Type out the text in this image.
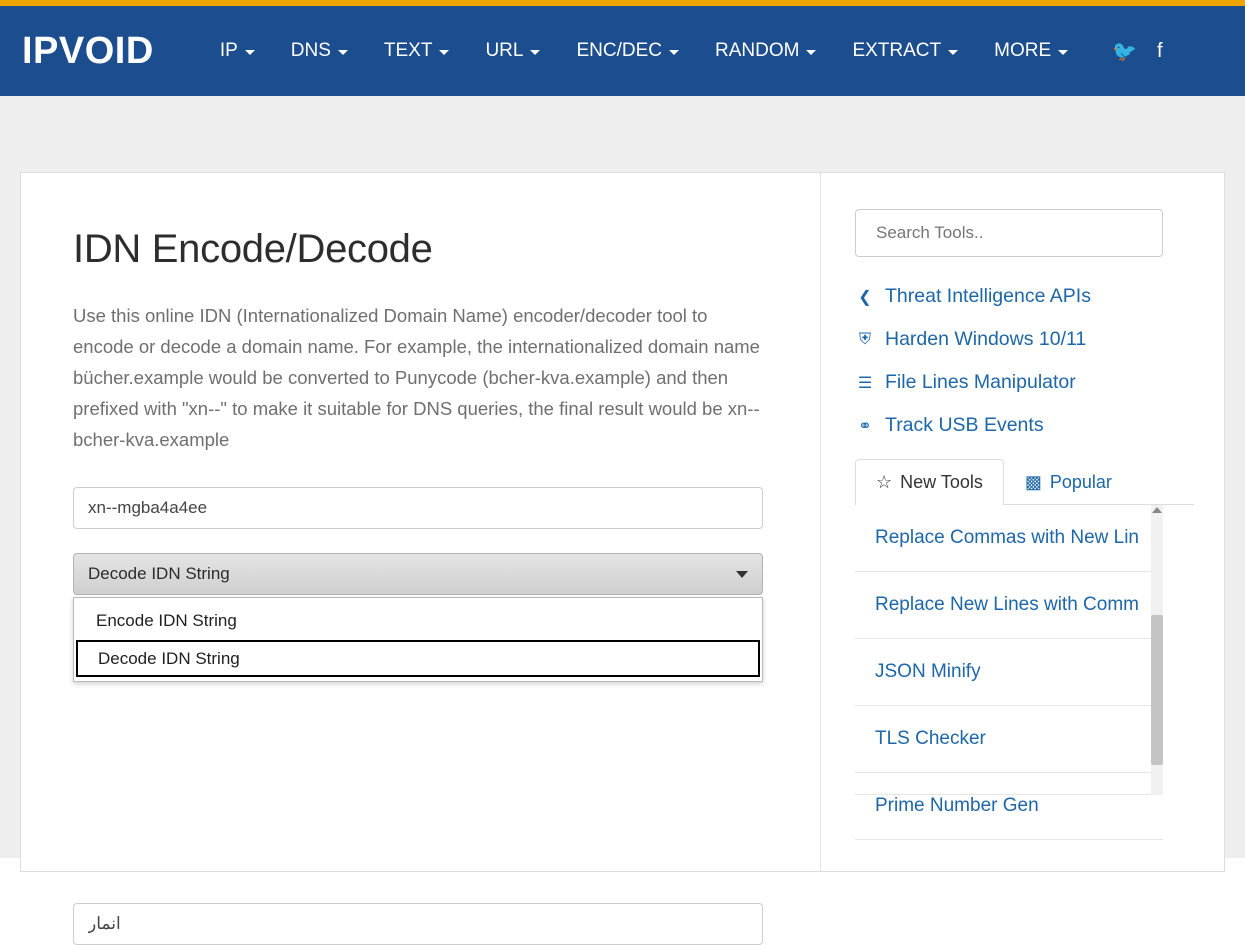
IPVOID	IP	DNS	TEXT	URL	ENC/DEC	RANDOM	EXTRACT	MORE	🐦 f
IDN Encode/Decode

Use this online IDN (Internationalized Domain Name) encoder/decoder tool to encode or decode a domain name. For example, the internationalized domain name bücher.example would be converted to Punycode (bcher-kva.example) and then prefixed with "xn--" to make it suitable for DNS queries, the final result would be xn--bcher-kva.example

xn--mgba4a4ee
Decode IDN String
Encode IDN String
Decode IDN String
انمار
Search Tools..
❮ Threat Intelligence APIs
⛨ Harden Windows 10/11
☰ File Lines Manipulator
⚭ Track USB Events
☆ New Tools ▩ Popular
Replace Commas with New Lin
Replace New Lines with Comm
JSON Minify
TLS Checker
Prime Number Gen
